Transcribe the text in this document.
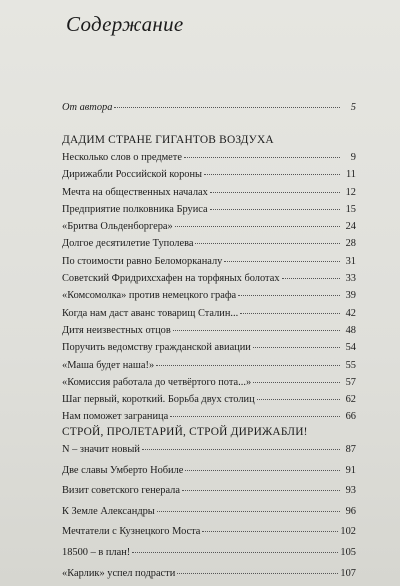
Содержание
От автора	5
ДАДИМ СТРАНЕ ГИГАНТОВ ВОЗДУХА
Несколько слов о предмете	9
Дирижабли Российской короны	11
Мечта на общественных началах	12
Предприятие полковника Бруиса	15
«Бритва Ольденборгера»	24
Долгое десятилетие Туполева	28
По стоимости равно Беломорканалу	31
Советский Фридрихсхафен на торфяных болотах	33
«Комсомолка» против немецкого графа	39
Когда нам даст аванс товарищ Сталин...	42
Дитя неизвестных отцов	48
Поручить ведомству гражданской авиации	54
«Маша будет наша!»	55
«Комиссия работала до четвёртого пота...»	57
Шаг первый, короткий. Борьба двух столиц	62
Нам поможет заграница	66
СТРОЙ, ПРОЛЕТАРИЙ, СТРОЙ ДИРИЖАБЛИ!
N – значит новый	87
Две славы Умберто Нобиле	91
Визит советского генерала	93
К Земле Александры	96
Мечтатели с Кузнецкого Моста	102
18500 – в план!	105
«Карлик» успел подрасти	107
